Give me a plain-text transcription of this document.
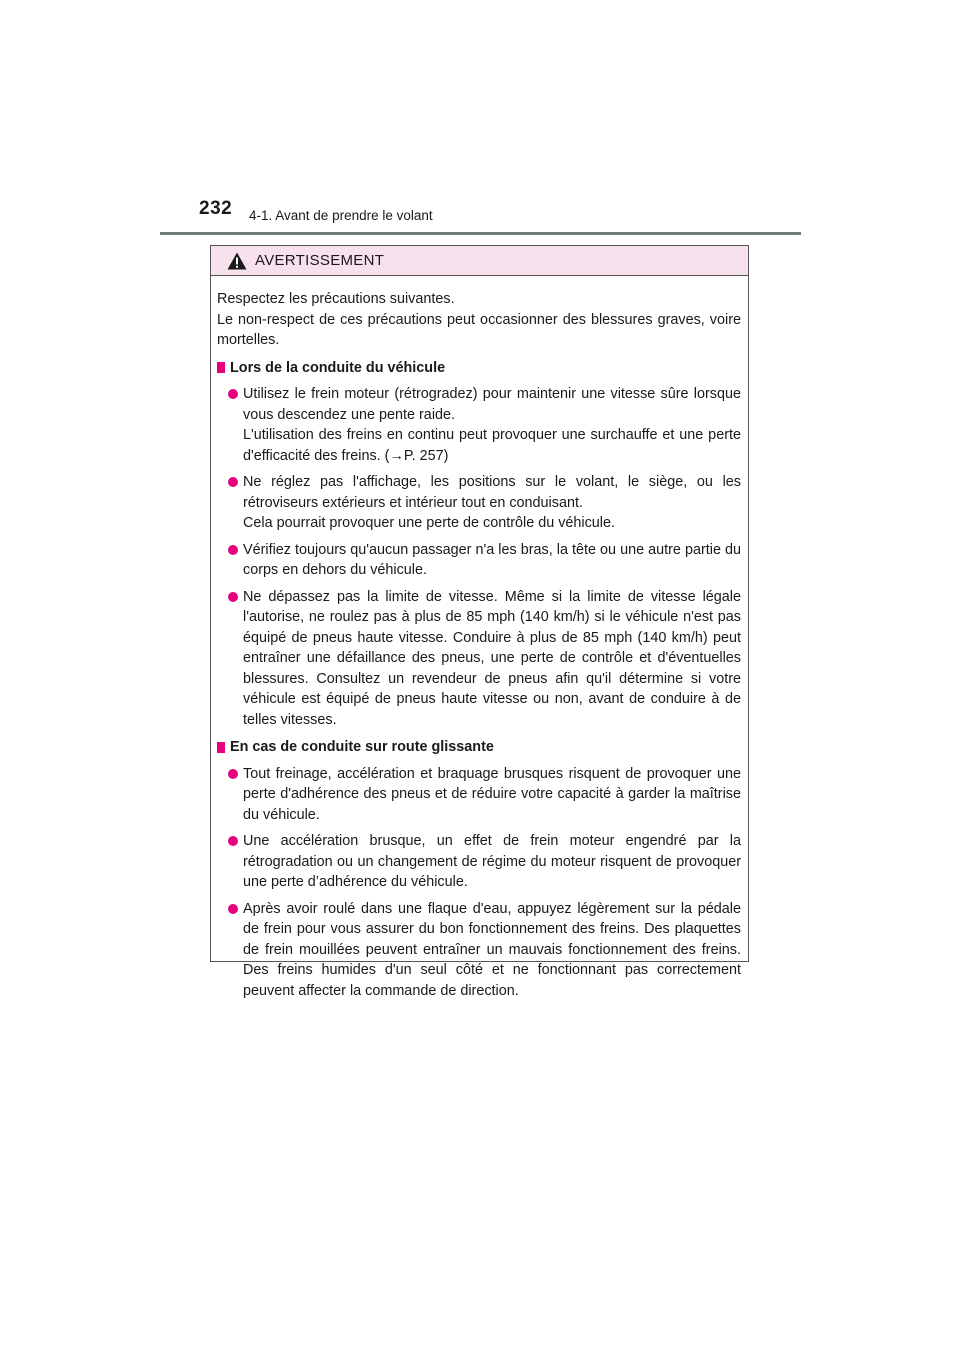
232 4-1. Avant de prendre le volant
AVERTISSEMENT

Respectez les précautions suivantes.

Le non-respect de ces précautions peut occasionner des blessures graves, voire mortelles.

Lors de la conduite du véhicule

Utilisez le frein moteur (rétrogradez) pour maintenir une vitesse sûre lorsque vous descendez une pente raide.

L'utilisation des freins en continu peut provoquer une surchauffe et une perte d'efficacité des freins. (→P. 257)

Ne réglez pas l'affichage, les positions sur le volant, le siège, ou les rétroviseurs extérieurs et intérieur tout en conduisant.

Cela pourrait provoquer une perte de contrôle du véhicule.

Vérifiez toujours qu'aucun passager n'a les bras, la tête ou une autre partie du corps en dehors du véhicule.

Ne dépassez pas la limite de vitesse. Même si la limite de vitesse légale l'autorise, ne roulez pas à plus de 85 mph (140 km/h) si le véhicule n'est pas équipé de pneus haute vitesse. Conduire à plus de 85 mph (140 km/h) peut entraîner une défaillance des pneus, une perte de contrôle et d'éventuelles blessures. Consultez un revendeur de pneus afin qu'il détermine si votre véhicule est équipé de pneus haute vitesse ou non, avant de conduire à de telles vitesses.

En cas de conduite sur route glissante

Tout freinage, accélération et braquage brusques risquent de provoquer une perte d'adhérence des pneus et de réduire votre capacité à garder la maîtrise du véhicule.

Une accélération brusque, un effet de frein moteur engendré par la rétrogradation ou un changement de régime du moteur risquent de provoquer une perte d’adhérence du véhicule.

Après avoir roulé dans une flaque d'eau, appuyez légèrement sur la pédale de frein pour vous assurer du bon fonctionnement des freins. Des plaquettes de frein mouillées peuvent entraîner un mauvais fonctionnement des freins. Des freins humides d'un seul côté et ne fonctionnant pas correctement peuvent affecter la commande de direction.
